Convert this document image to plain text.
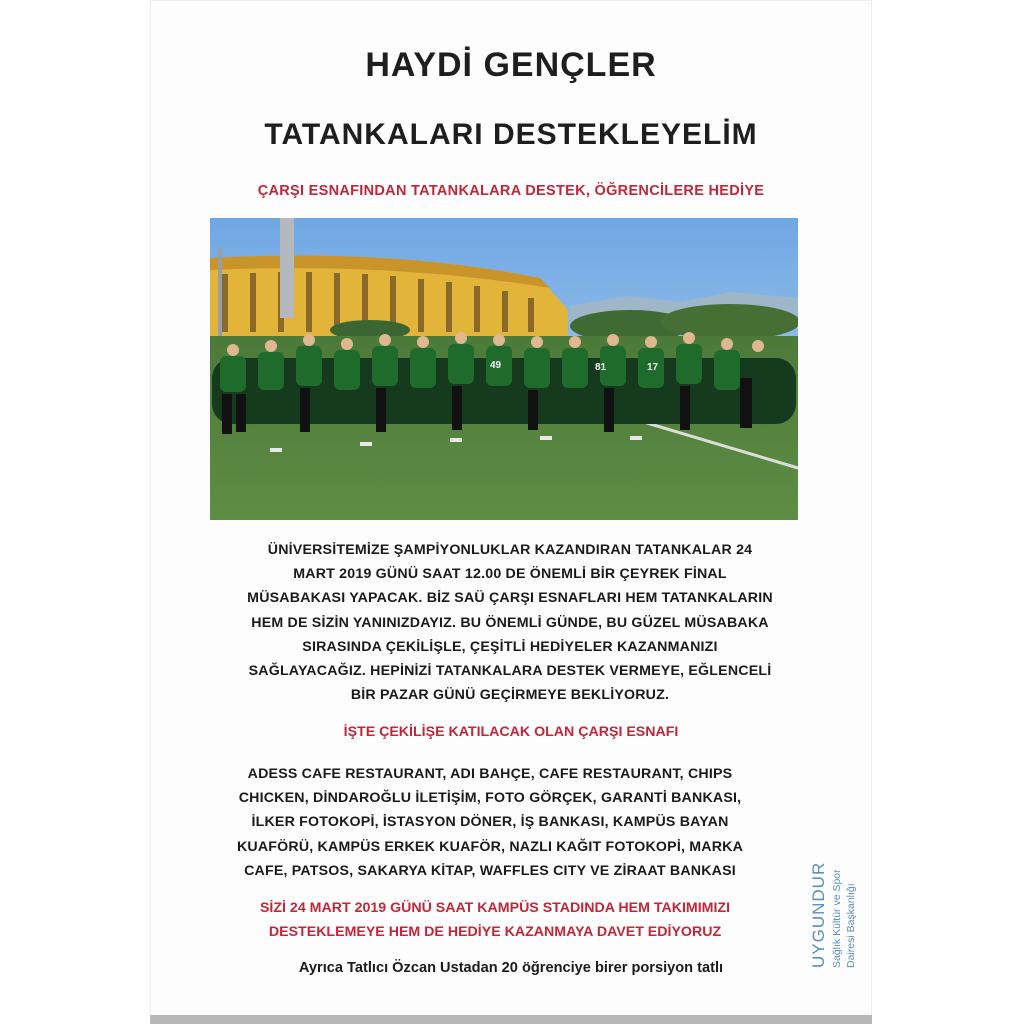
HAYDİ GENÇLER
TATANKALARI DESTEKLEYELİM
ÇARŞI ESNAFINDAN TATANKALARA DESTEK, ÖĞRENCİLERE HEDİYE
81	17
49
ÜNİVERSİTEMİZE ŞAMPİYONLUKLAR KAZANDIRAN TATANKALAR 24
MART 2019 GÜNÜ SAAT 12.00 DE ÖNEMLİ BİR ÇEYREK FİNAL
MÜSABAKASI YAPACAK. BİZ SAÜ ÇARŞI ESNAFLARI HEM TATANKALARIN
HEM DE SİZİN YANINIZDAYIZ. BU ÖNEMLİ GÜNDE, BU GÜZEL MÜSABAKA
SIRASINDA ÇEKİLİŞLE, ÇEŞİTLİ HEDİYELER KAZANMANIZI
SAĞLAYACAĞIZ. HEPİNİZİ TATANKALARA DESTEK VERMEYE, EĞLENCELİ
BİR PAZAR GÜNÜ GEÇİRMEYE BEKLİYORUZ.
İŞTE ÇEKİLİŞE KATILACAK OLAN ÇARŞI ESNAFI
ADESS CAFE RESTAURANT, ADI BAHÇE, CAFE RESTAURANT, CHIPS
CHICKEN, DİNDAROĞLU İLETİŞİM, FOTO GÖRÇEK, GARANTİ BANKASI,
İLKER FOTOKOPİ, İSTASYON DÖNER, İŞ BANKASI, KAMPÜS BAYAN
KUAFÖRÜ, KAMPÜS ERKEK KUAFÖR, NAZLI KAĞIT FOTOKOPİ, MARKA
CAFE, PATSOS, SAKARYA KİTAP, WAFFLES CITY VE ZİRAAT BANKASI
SİZİ 24 MART 2019 GÜNÜ SAAT KAMPÜS STADINDA HEM TAKIMIMIZI
DESTEKLEMEYE HEM DE HEDİYE KAZANMAYA DAVET EDİYORUZ
Ayrıca Tatlıcı Özcan Ustadan 20 öğrenciye birer porsiyon tatlı	UYGUNDUR Sağlık Kültür ve Spor Dairesi Başkanlığı
